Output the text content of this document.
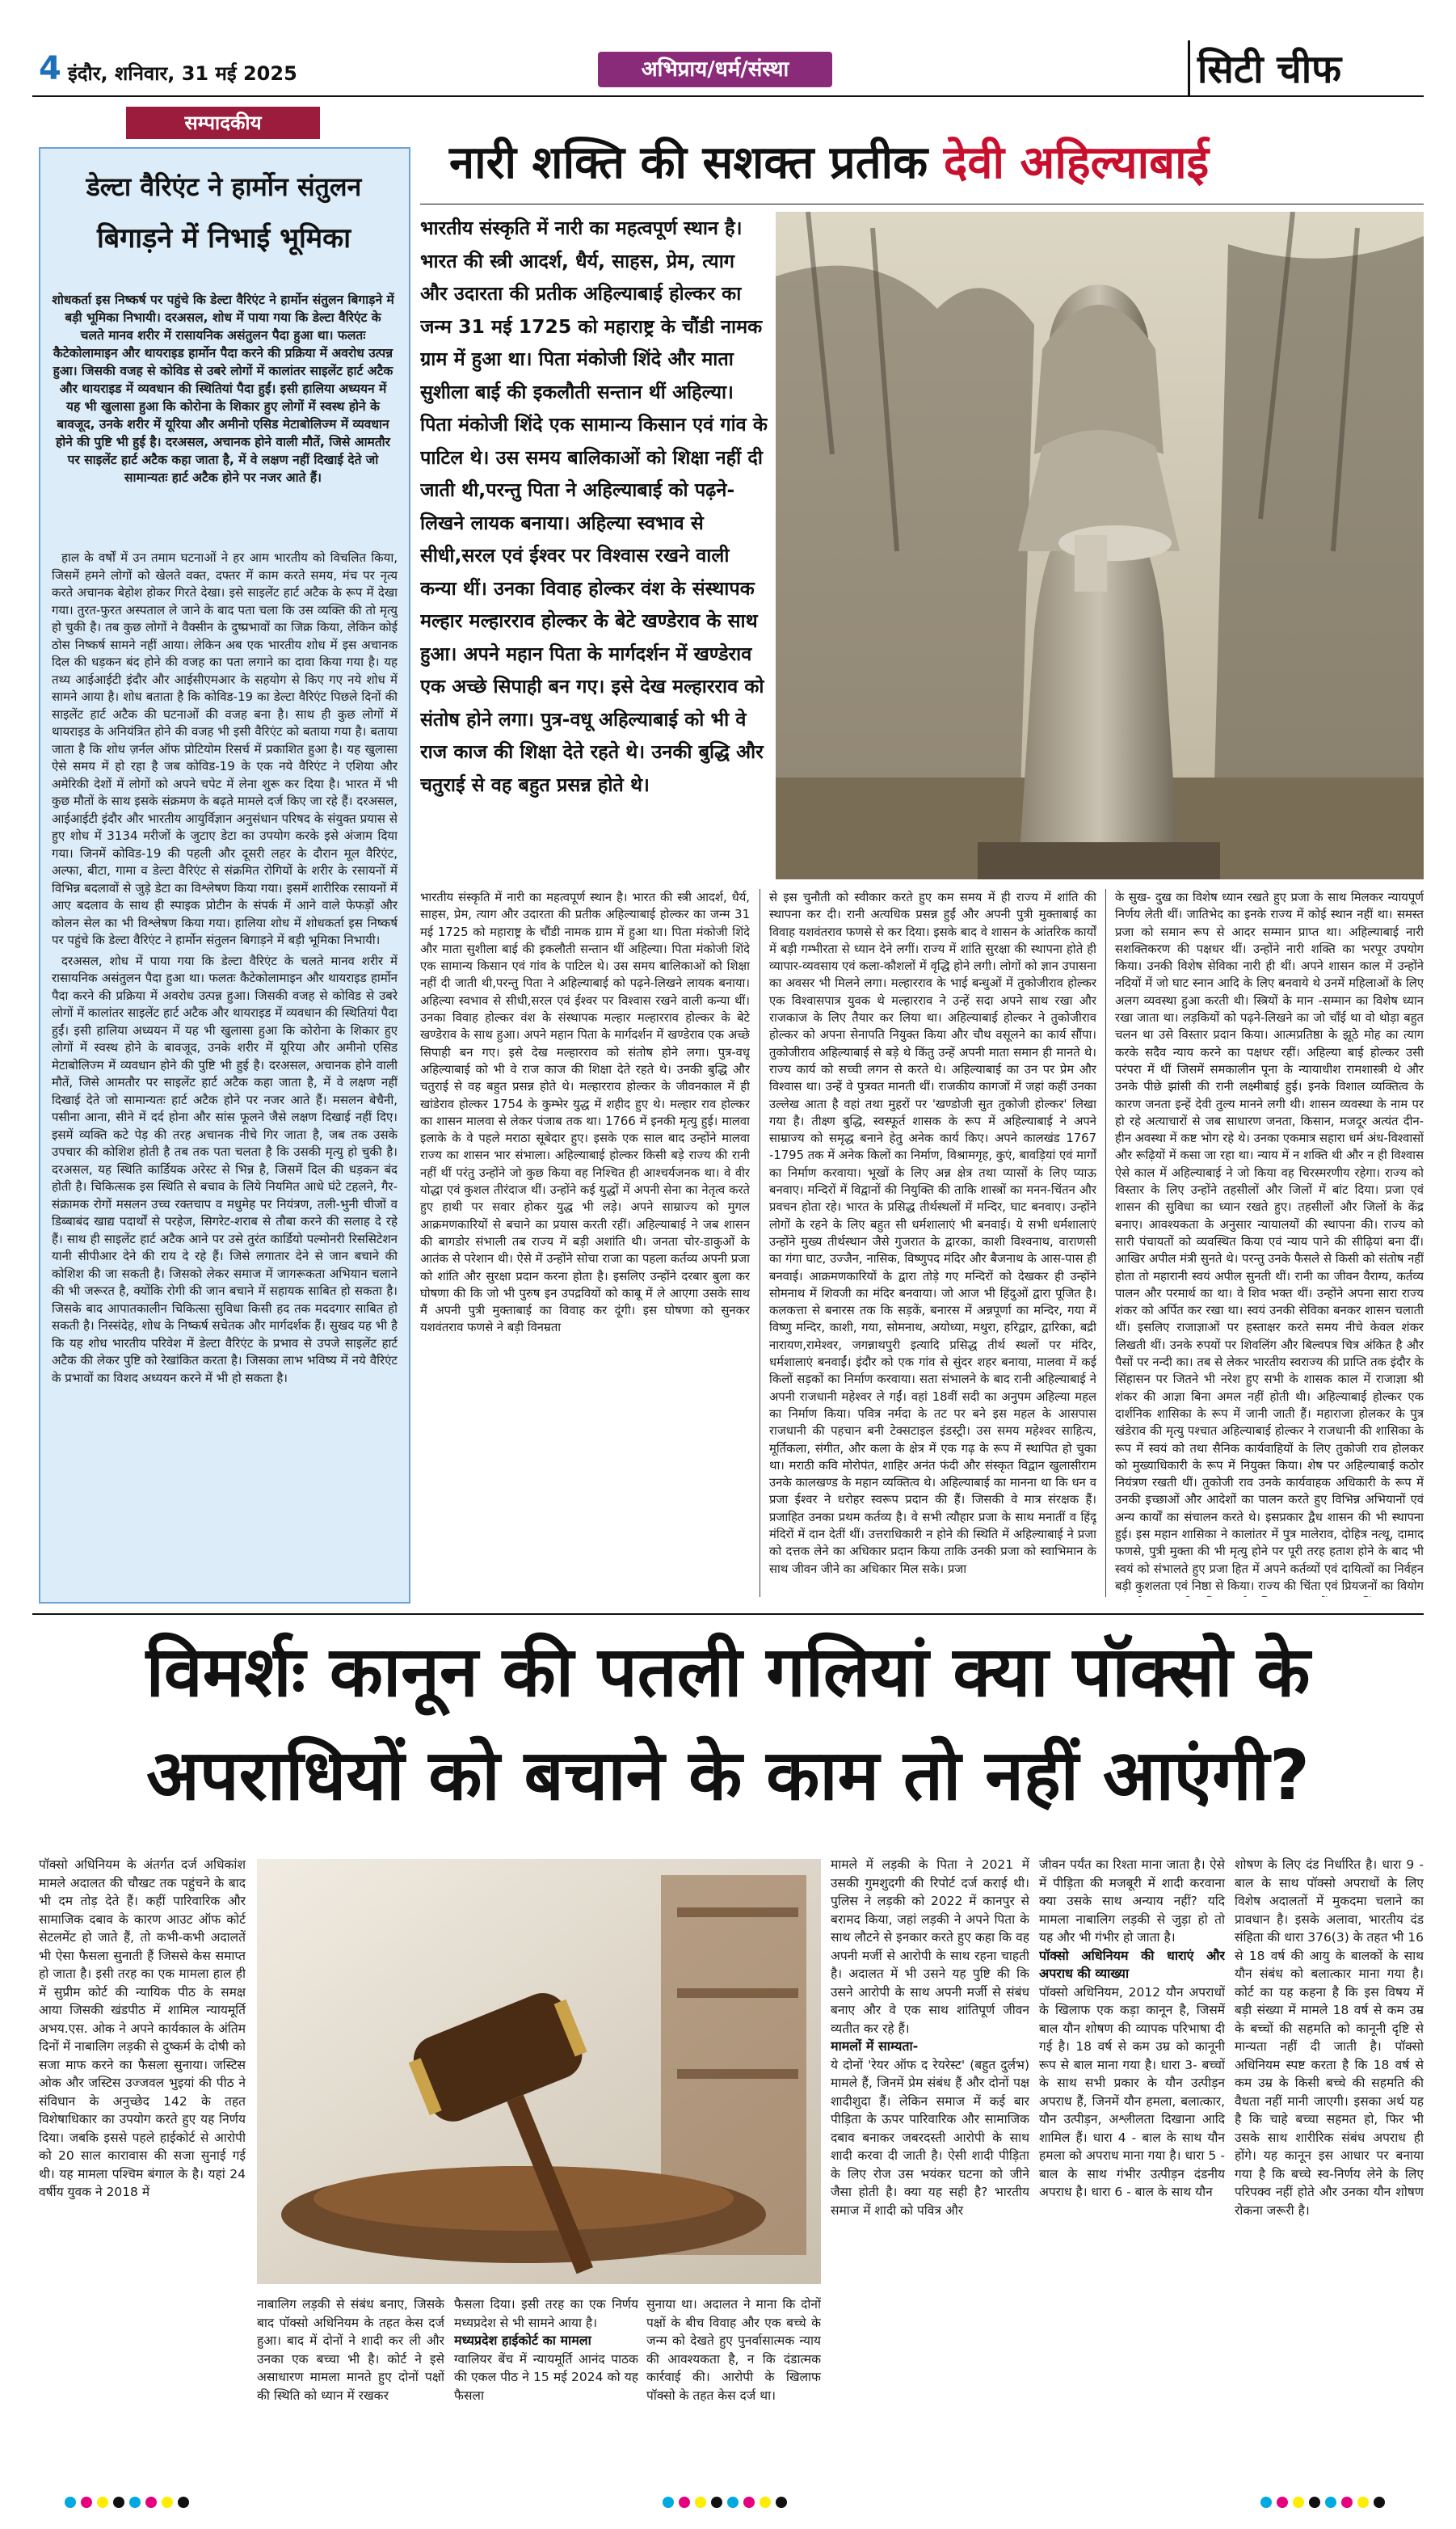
4 इंदौर, शनिवार, 31 मई 2025	अभिप्राय/धर्म/संस्था	सिटी चीफ
सम्पादकीय
डेल्टा वैरिएंट ने हार्मोन संतुलन
बिगाड़ने में निभाई भूमिका
शोधकर्ता इस निष्कर्ष पर पहुंचे कि डेल्टा वैरिएंट ने हार्मोन संतुलन बिगाड़ने में बड़ी भूमिका निभायी। दरअसल, शोध में पाया गया कि डेल्टा वैरिएंट के चलते मानव शरीर में रासायनिक असंतुलन पैदा हुआ था। फलतः कैटेकोलामाइन और थायराइड हार्मोन पैदा करने की प्रक्रिया में अवरोध उत्पन्न हुआ। जिसकी वजह से कोविड से उबरे लोगों में कालांतर साइलेंट हार्ट अटैक और थायराइड में व्यवधान की स्थितियां पैदा हुईं। इसी हालिया अध्ययन में यह भी खुलासा हुआ कि कोरोना के शिकार हुए लोगों में स्वस्थ होने के बावजूद, उनके शरीर में यूरिया और अमीनो एसिड मेटाबोलिज्म में व्यवधान होने की पुष्टि भी हुई है। दरअसल, अचानक होने वाली मौतें, जिसे आमतौर पर साइलेंट हार्ट अटैक कहा जाता है, में वे लक्षण नहीं दिखाई देते जो सामान्यतः हार्ट अटैक होने पर नजर आते हैं।

हाल के वर्षों में उन तमाम घटनाओं ने हर आम भारतीय को विचलित किया, जिसमें हमने लोगों को खेलते वक्त, दफ्तर में काम करते समय, मंच पर नृत्य करते अचानक बेहोश होकर गिरते देखा। इसे साइलेंट हार्ट अटैक के रूप में देखा गया। तुरत-फुरत अस्पताल ले जाने के बाद पता चला कि उस व्यक्ति की तो मृत्यु हो चुकी है। तब कुछ लोगों ने वैक्सीन के दुष्प्रभावों का जिक्र किया, लेकिन कोई ठोस निष्कर्ष सामने नहीं आया। लेकिन अब एक भारतीय शोध में इस अचानक दिल की धड़कन बंद होने की वजह का पता लगाने का दावा किया गया है। यह तथ्य आईआईटी इंदौर और आईसीएमआर के सहयोग से किए गए नये शोध में सामने आया है। शोध बताता है कि कोविड-19 का डेल्टा वैरिएंट पिछले दिनों की साइलेंट हार्ट अटैक की घटनाओं की वजह बना है। साथ ही कुछ लोगों में थायराइड के अनियंत्रित होने की वजह भी इसी वैरिएंट को बताया गया है। बताया जाता है कि शोध ज़र्नल ऑफ प्रोटियोम रिसर्च में प्रकाशित हुआ है। यह खुलासा ऐसे समय में हो रहा है जब कोविड-19 के एक नये वैरिएंट ने एशिया और अमेरिकी देशों में लोगों को अपने चपेट में लेना शुरू कर दिया है। भारत में भी कुछ मौतों के साथ इसके संक्रमण के बढ़ते मामले दर्ज किए जा रहे हैं। दरअसल, आईआईटी इंदौर और भारतीय आयुर्विज्ञान अनुसंधान परिषद के संयुक्त प्रयास से हुए शोध में 3134 मरीजों के जुटाए डेटा का उपयोग करके इसे अंजाम दिया गया। जिनमें कोविड-19 की पहली और दूसरी लहर के दौरान मूल वैरिएंट, अल्फा, बीटा, गामा व डेल्टा वैरिएंट से संक्रमित रोगियों के शरीर के रसायनों में विभिन्न बदलावों से जुड़े डेटा का विश्लेषण किया गया। इसमें शारीरिक रसायनों में आए बदलाव के साथ ही स्पाइक प्रोटीन के संपर्क में आने वाले फेफड़ों और कोलन सेल का भी विश्लेषण किया गया। हालिया शोध में शोधकर्ता इस निष्कर्ष पर पहुंचे कि डेल्टा वैरिएंट ने हार्मोन संतुलन बिगाड़ने में बड़ी भूमिका निभायी।

दरअसल, शोध में पाया गया कि डेल्टा वैरिएंट के चलते मानव शरीर में रासायनिक असंतुलन पैदा हुआ था। फलतः कैटेकोलामाइन और थायराइड हार्मोन पैदा करने की प्रक्रिया में अवरोध उत्पन्न हुआ। जिसकी वजह से कोविड से उबरे लोगों में कालांतर साइलेंट हार्ट अटैक और थायराइड में व्यवधान की स्थितियां पैदा हुईं। इसी हालिया अध्ययन में यह भी खुलासा हुआ कि कोरोना के शिकार हुए लोगों में स्वस्थ होने के बावजूद, उनके शरीर में यूरिया और अमीनो एसिड मेटाबोलिज्म में व्यवधान होने की पुष्टि भी हुई है। दरअसल, अचानक होने वाली मौतें, जिसे आमतौर पर साइलेंट हार्ट अटैक कहा जाता है, में वे लक्षण नहीं दिखाई देते जो सामान्यतः हार्ट अटैक होने पर नजर आते हैं। मसलन बेचैनी, पसीना आना, सीने में दर्द होना और सांस फूलने जैसे लक्षण दिखाई नहीं दिए। इसमें व्यक्ति कटे पेड़ की तरह अचानक नीचे गिर जाता है, जब तक उसके उपचार की कोशिश होती है तब तक पता चलता है कि उसकी मृत्यु हो चुकी है। दरअसल, यह स्थिति कार्डियक अरेस्ट से भिन्न है, जिसमें दिल की धड़कन बंद होती है। चिकित्सक इस स्थिति से बचाव के लिये नियमित आधे घंटे टहलने, गैर-संक्रामक रोगों मसलन उच्च रक्तचाप व मधुमेह पर नियंत्रण, तली-भुनी चीजों व डिब्बाबंद खाद्य पदार्थों से परहेज, सिगरेट-शराब से तौबा करने की सलाह दे रहे हैं। साथ ही साइलेंट हार्ट अटैक आने पर उसे तुरंत कार्डियो पल्मोनरी रिससिटेशन यानी सीपीआर देने की राय दे रहे हैं। जिसे लगातार देने से जान बचाने की कोशिश की जा सकती है। जिसको लेकर समाज में जागरूकता अभियान चलाने की भी जरूरत है, क्योंकि रोगी की जान बचाने में सहायक साबित हो सकता है। जिसके बाद आपातकालीन चिकित्सा सुविधा किसी हद तक मददगार साबित हो सकती है। निस्संदेह, शोध के निष्कर्ष सचेतक और मार्गदर्शक हैं। सुखद यह भी है कि यह शोध भारतीय परिवेश में डेल्टा वैरिएंट के प्रभाव से उपजे साइलेंट हार्ट अटैक की लेकर पुष्टि को रेखांकित करता है। जिसका लाभ भविष्य में नये वैरिएंट के प्रभावों का विशद अध्ययन करने में भी हो सकता है।

नारी शक्ति की सशक्त प्रतीक देवी अहिल्याबाई
भारतीय संस्कृति में नारी का महत्वपूर्ण स्थान है। भारत की स्त्री आदर्श, धैर्य, साहस, प्रेम, त्याग और उदारता की प्रतीक अहिल्याबाई होल्कर का जन्म 31 मई 1725 को महाराष्ट्र के चौंडी नामक ग्राम में हुआ था। पिता मंकोजी शिंदे और माता सुशीला बाई की इकलौती सन्तान थीं अहिल्या। पिता मंकोजी शिंदे एक सामान्य किसान एवं गांव के पाटिल थे। उस समय बालिकाओं को शिक्षा नहीं दी जाती थी,परन्तु पिता ने अहिल्याबाई को पढ़ने-लिखने लायक बनाया। अहिल्या स्वभाव से सीधी,सरल एवं ईश्वर पर विश्वास रखने वाली कन्या थीं। उनका विवाह होल्कर वंश के संस्थापक मल्हार मल्हारराव होल्कर के बेटे खण्डेराव के साथ हुआ। अपने महान पिता के मार्गदर्शन में खण्डेराव एक अच्छे सिपाही बन गए। इसे देख मल्हारराव को संतोष होने लगा। पुत्र-वधू अहिल्याबाई को भी वे राज काज की शिक्षा देते रहते थे। उनकी बुद्धि और चतुराई से वह बहुत प्रसन्न होते थे।
भारतीय संस्कृति में नारी का महत्वपूर्ण स्थान है। भारत की स्त्री आदर्श, धैर्य, साहस, प्रेम, त्याग और उदारता की प्रतीक अहिल्याबाई होल्कर का जन्म 31 मई 1725 को महाराष्ट्र के चौंडी नामक ग्राम में हुआ था। पिता मंकोजी शिंदे और माता सुशीला बाई की इकलौती सन्तान थीं अहिल्या। पिता मंकोजी शिंदे एक सामान्य किसान एवं गांव के पाटिल थे। उस समय बालिकाओं को शिक्षा नहीं दी जाती थी,परन्तु पिता ने अहिल्याबाई को पढ़ने-लिखने लायक बनाया। अहिल्या स्वभाव से सीधी,सरल एवं ईश्वर पर विश्वास रखने वाली कन्या थीं। उनका विवाह होल्कर वंश के संस्थापक मल्हार मल्हारराव होल्कर के बेटे खण्डेराव के साथ हुआ। अपने महान पिता के मार्गदर्शन में खण्डेराव एक अच्छे सिपाही बन गए। इसे देख मल्हारराव को संतोष होने लगा। पुत्र-वधू अहिल्याबाई को भी वे राज काज की शिक्षा देते रहते थे। उनकी बुद्धि और चतुराई से वह बहुत प्रसन्न होते थे। मल्हारराव होल्कर के जीवनकाल में ही खांडेराव होल्कर 1754 के कुम्भेर युद्ध में शहीद हुए थे। मल्हार राव होल्कर का शासन मालवा से लेकर पंजाब तक था। 1766 में इनकी मृत्यु हुई। मालवा इलाके के वे पहले मराठा सूबेदार हुए। इसके एक साल बाद उन्होंने मालवा राज्य का शासन भार संभाला। अहिल्याबाई होल्कर किसी बड़े राज्य की रानी नहीं थीं परंतु उन्होंने जो कुछ किया वह निश्चित ही आश्चर्यजनक था। वे वीर योद्धा एवं कुशल तीरंदाज थीं। उन्होंने कई युद्धों में अपनी सेना का नेतृत्व करते हुए हाथी पर सवार होकर युद्ध भी लड़े। अपने साम्राज्य को मुगल आक्रमणकारियों से बचाने का प्रयास करती रहीं। अहिल्याबाई ने जब शासन की बागडोर संभाली तब राज्य में बड़ी अशांति थी। जनता चोर-डाकुओं के आतंक से परेशान थी। ऐसे में उन्होंने सोचा राजा का पहला कर्तव्य अपनी प्रजा को शांति और सुरक्षा प्रदान करना होता है। इसलिए उन्होंने दरबार बुला कर घोषणा की कि जो भी पुरुष इन उपद्रवियों को काबू में ले आएगा उसके साथ मैं अपनी पुत्री मुक्ताबाई का विवाह कर दूंगी। इस घोषणा को सुनकर यशवंतराव फणसे ने बड़ी विनम्रता
से इस चुनौती को स्वीकार करते हुए कम समय में ही राज्य में शांति की स्थापना कर दी। रानी अत्यधिक प्रसन्न हुईं और अपनी पुत्री मुक्ताबाई का विवाह यशवंतराव फणसे से कर दिया। इसके बाद वे शासन के आंतरिक कार्यों में बड़ी गम्भीरता से ध्यान देने लगीं। राज्य में शांति सुरक्षा की स्थापना होते ही व्यापार-व्यवसाय एवं कला-कौशलों में वृद्धि होने लगी। लोगों को ज्ञान उपासना का अवसर भी मिलने लगा। मल्हारराव के भाई बन्धुओं में तुकोजीराव होल्कर एक विश्वासपात्र युवक थे मल्हारराव ने उन्हें सदा अपने साथ रखा और राजकाज के लिए तैयार कर लिया था। अहिल्याबाई होल्कर ने तुकोजीराव होल्कर को अपना सेनापति नियुक्त किया और चौथ वसूलने का कार्य सौंपा। तुकोजीराव अहिल्याबाई से बड़े थे किंतु उन्हें अपनी माता समान ही मानते थे। राज्य कार्य को सच्ची लगन से करते थे। अहिल्याबाई का उन पर प्रेम और विश्वास था। उन्हें वे पुत्रवत मानती थीं। राजकीय कागजों में जहां कहीं उनका उल्लेख आता है वहां तथा मुहरों पर 'खण्डोजी सुत तुकोजी होल्कर' लिखा गया है। तीक्ष्ण बुद्धि, स्वस्फूर्त शासक के रूप में अहिल्याबाई ने अपने साम्राज्य को समृद्ध बनाने हेतु अनेक कार्य किए। अपने कालखंड 1767 -1795 तक में अनेक किलों का निर्माण, विश्रामगृह, कुएं, बावड़ियां एवं मार्गों का निर्माण करवाया। भूखों के लिए अन्न क्षेत्र तथा प्यासों के लिए प्याऊ बनवाए। मन्दिरों में विद्वानों की नियुक्ति की ताकि शास्त्रों का मनन-चिंतन और प्रवचन होता रहे। भारत के प्रसिद्ध तीर्थस्थलों में मन्दिर, घाट बनवाए। उन्होंने लोगों के रहने के लिए बहुत सी धर्मशालाएं भी बनवाई। ये सभी धर्मशालाएं उन्होंने मुख्य तीर्थस्थान जैसे गुजरात के द्वारका, काशी विश्वनाथ, वाराणसी का गंगा घाट, उज्जैन, नासिक, विष्णुपद मंदिर और बैजनाथ के आस-पास ही बनवाई। आक्रमणकारियों के द्वारा तोड़े गए मन्दिरों को देखकर ही उन्होंने सोमनाथ में शिवजी का मंदिर बनवाया। जो आज भी हिंदुओं द्वारा पूजित है। कलकत्ता से बनारस तक कि सड़कें, बनारस में अन्नपूर्णा का मन्दिर, गया में विष्णु मन्दिर, काशी, गया, सोमनाथ, अयोध्या, मथुरा, हरिद्वार, द्वारिका, बद्री नारायण,रामेश्वर, जगन्नाथपुरी इत्यादि प्रसिद्ध तीर्थ स्थलों पर मंदिर, धर्मशालाएं बनवाईं। इंदौर को एक गांव से सुंदर शहर बनाया, मालवा में कई किलों सड़कों का निर्माण करवाया। सता संभालने के बाद रानी अहिल्याबाई ने अपनी राजधानी महेश्वर ले गईं। वहां 18वीं सदी का अनुपम अहिल्या महल का निर्माण किया। पवित्र नर्मदा के तट पर बने इस महल के आसपास राजधानी की पहचान बनी टेक्सटाइल इंडस्ट्री। उस समय महेश्वर साहित्य, मूर्तिकला, संगीत, और कला के क्षेत्र में एक गढ़ के रूप में स्थापित हो चुका था। मराठी कवि मोरोपंत, शाहिर अनंत फंदी और संस्कृत विद्वान खुलासीराम उनके कालखण्ड के महान व्यक्तित्व थे। अहिल्याबाई का मानना था कि धन व प्रजा ईश्वर ने धरोहर स्वरूप प्रदान की हैं। जिसकी वे मात्र संरक्षक हैं। प्रजाहित उनका प्रथम कर्तव्य है। वे सभी त्यौहार प्रजा के साथ मनातीं व हिंदू मंदिरों में दान देतीं थीं। उत्तराधिकारी न होने की स्थिति में अहिल्याबाई ने प्रजा को दत्तक लेने का अधिकार प्रदान किया ताकि उनकी प्रजा को स्वाभिमान के साथ जीवन जीने का अधिकार मिल सके। प्रजा
के सुख- दुख का विशेष ध्यान रखते हुए प्रजा के साथ मिलकर न्यायपूर्ण निर्णय लेती थीं। जातिभेद का इनके राज्य में कोई स्थान नहीं था। समस्त प्रजा को समान रूप से आदर सम्मान प्राप्त था। अहिल्याबाई नारी सशक्तिकरण की पक्षधर थीं। उन्होंने नारी शक्ति का भरपूर उपयोग किया। उनकी विशेष सेविका नारी ही थीं। अपने शासन काल में उन्होंने नदियों में जो घाट स्नान आदि के लिए बनवाये थे उनमें महिलाओं के लिए अलग व्यवस्था हुआ करती थी। स्त्रियों के मान -सम्मान का विशेष ध्यान रखा जाता था। लड़कियों को पढ़ने-लिखने का जो चाँई था वो थोड़ा बहुत चलन था उसे विस्तार प्रदान किया। आत्मप्रतिष्ठा के झूठे मोह का त्याग करके सदैव न्याय करने का पक्षधर रहीं। अहिल्या बाई होल्कर उसी परंपरा में थीं जिसमें समकालीन पूना के न्यायाधीश रामशास्त्री थे और उनके पीछे झांसी की रानी लक्ष्मीबाई हुई। इनके विशाल व्यक्तित्व के कारण जनता इन्हें देवी तुल्य मानने लगी थी। शासन व्यवस्था के नाम पर हो रहे अत्याचारों से जब साधारण जनता, किसान, मजदूर अत्यंत दीन-हीन अवस्था में कष्ट भोग रहे थे। उनका एकमात्र सहारा धर्म अंध-विश्वासों और रूढ़ियों में कसा जा रहा था। न्याय में न शक्ति थी और न ही विश्वास ऐसे काल में अहिल्याबाई ने जो किया वह चिरस्मरणीय रहेगा। राज्य को विस्तार के लिए उन्होंने तहसीलों और जिलों में बांट दिया। प्रजा एवं शासन की सुविधा का ध्यान रखते हुए। तहसीलों और जिलों के केंद्र बनाए। आवश्यकता के अनुसार न्यायालयों की स्थापना की। राज्य को सारी पंचायतों को व्यवस्थित किया एवं न्याय पाने की सीढ़ियां बना दीं। आखिर अपील मंत्री सुनते थे। परन्तु उनके फैसले से किसी को संतोष नहीं होता तो महारानी स्वयं अपील सुनती थीं। रानी का जीवन वैराग्य, कर्तव्य पालन और परमार्थ का था। वे शिव भक्त थीं। उन्होंने अपना सारा राज्य शंकर को अर्पित कर रखा था। स्वयं उनकी सेविका बनकर शासन चलाती थीं। इसलिए राजाज्ञाओं पर हस्ताक्षर करते समय नीचे केवल शंकर लिखती थीं। उनके रुपयों पर शिवलिंग और बिल्वपत्र चित्र अंकित है और पैसों पर नन्दी का। तब से लेकर भारतीय स्वराज्य की प्राप्ति तक इंदौर के सिंहासन पर जितने भी नरेश हुए सभी के शासक काल में राजाज्ञा श्री शंकर की आज्ञा बिना अमल नहीं होती थी। अहिल्याबाई होल्कर एक दार्शनिक शासिका के रूप में जानी जाती हैं। महाराजा होलकर के पुत्र खंडेराव की मृत्यु पश्चात अहिल्याबाई होल्कर ने राजधानी की शासिका के रूप में स्वयं को तथा सैनिक कार्यवाहियों के लिए तुकोजी राव होलकर को मुख्याधिकारी के रूप में नियुक्त किया। शेष पर अहिल्याबाई कठोर नियंत्रण रखती थीं। तुकोजी राव उनके कार्यवाहक अधिकारी के रूप में उनकी इच्छाओं और आदेशों का पालन करते हुए विभिन्न अभियानों एवं अन्य कार्यों का संचालन करते थे। इसप्रकार द्वैध शासन की भी स्थापना हुई। इस महान शासिका ने कालांतर में पुत्र मालेराव, दोहित्र नत्थू, दामाद फणसे, पुत्री मुक्ता की भी मृत्यु होने पर पूरी तरह हताश होने के बाद भी स्वयं को संभालते हुए प्रजा हित में अपने कर्तव्यों एवं दायित्वों का निर्वहन बड़ी कुशलता एवं निष्ठा से किया। राज्य की चिंता एवं प्रियजनों का वियोग
विमर्शः कानून की पतली गलियां क्या पॉक्सो के
अपराधियों को बचाने के काम तो नहीं आएंगी?
पॉक्सो अधिनियम के अंतर्गत दर्ज अधिकांश मामले अदालत की चौखट तक पहुंचने के बाद भी दम तोड़ देते हैं। कहीं पारिवारिक और सामाजिक दबाव के कारण आउट ऑफ कोर्ट सेटलमेंट हो जाते हैं, तो कभी-कभी अदालतें भी ऐसा फैसला सुनाती हैं जिससे केस समाप्त हो जाता है। इसी तरह का एक मामला हाल ही में सुप्रीम कोर्ट की न्यायिक पीठ के समक्ष आया जिसकी खंडपीठ में शामिल न्यायमूर्ति अभय.एस. ओक ने अपने कार्यकाल के अंतिम दिनों में नाबालिग लड़की से दुष्कर्म के दोषी को सजा माफ करने का फैसला सुनाया। जस्टिस ओक और जस्टिस उज्जवल भुइयां की पीठ ने संविधान के अनुच्छेद 142 के तहत विशेषाधिकार का उपयोग करते हुए यह निर्णय दिया। जबकि इससे पहले हाईकोर्ट से आरोपी को 20 साल कारावास की सजा सुनाई गई थी। यह मामला पश्चिम बंगाल के है। यहां 24 वर्षीय युवक ने 2018 में
नाबालिग लड़की से संबंध बनाए, जिसके बाद पॉक्सो अधिनियम के तहत केस दर्ज हुआ। बाद में दोनों ने शादी कर ली और उनका एक बच्चा भी है। कोर्ट ने इसे असाधारण मामला मानते हुए दोनों पक्षों की स्थिति को ध्यान में रखकर
फैसला दिया। इसी तरह का एक निर्णय मध्यप्रदेश से भी सामने आया है।
मध्यप्रदेश हाईकोर्ट का मामला
ग्वालियर बेंच में न्यायमूर्ति आनंद पाठक की एकल पीठ ने 15 मई 2024 को यह फैसला
सुनाया था। अदालत ने माना कि दोनों पक्षों के बीच विवाह और एक बच्चे के जन्म को देखते हुए पुनर्वासात्मक न्याय की आवश्यकता है, न कि दंडात्मक कार्रवाई की। आरोपी के खिलाफ पॉक्सो के तहत केस दर्ज था।
मामले में लड़की के पिता ने 2021 में उसकी गुमशुदगी की रिपोर्ट दर्ज कराई थी। पुलिस ने लड़की को 2022 में कानपुर से बरामद किया, जहां लड़की ने अपने पिता के साथ लौटने से इनकार करते हुए कहा कि वह अपनी मर्जी से आरोपी के साथ रहना चाहती है। अदालत में भी उसने यह पुष्टि की कि उसने आरोपी के साथ अपनी मर्जी से संबंध बनाए और वे एक साथ शांतिपूर्ण जीवन व्यतीत कर रहे हैं।
मामलों में साम्यता-
ये दोनों 'रेयर ऑफ द रेयरेस्ट' (बहुत दुर्लभ) मामले हैं, जिनमें प्रेम संबंध हैं और दोनों पक्ष शादीशुदा हैं। लेकिन समाज में कई बार पीड़िता के ऊपर पारिवारिक और सामाजिक दबाव बनाकर जबरदस्ती आरोपी के साथ शादी करवा दी जाती है। ऐसी शादी पीड़िता के लिए रोज उस भयंकर घटना को जीने जैसा होती है। क्या यह सही है? भारतीय समाज में शादी को पवित्र और
जीवन पर्यंत का रिश्ता माना जाता है। ऐसे में पीड़िता की मजबूरी में शादी करवाना क्या उसके साथ अन्याय नहीं? यदि मामला नाबालिग लड़की से जुड़ा हो तो यह और भी गंभीर हो जाता है।
पॉक्सो अधिनियम की धाराएं और अपराध की व्याख्या
पॉक्सो अधिनियम, 2012 यौन अपराधों के खिलाफ एक कड़ा कानून है, जिसमें बाल यौन शोषण की व्यापक परिभाषा दी गई है। 18 वर्ष से कम उम्र को कानूनी रूप से बाल माना गया है। धारा 3- बच्चों के साथ सभी प्रकार के यौन उत्पीड़न अपराध हैं, जिनमें यौन हमला, बलात्कार, यौन उत्पीड़न, अश्लीलता दिखाना आदि शामिल हैं। धारा 4 - बाल के साथ यौन हमला को अपराध माना गया है। धारा 5 - बाल के साथ गंभीर उत्पीड़न दंडनीय अपराध है। धारा 6 - बाल के साथ यौन
शोषण के लिए दंड निर्धारित है। धारा 9 - बाल के साथ पॉक्सो अपराधों के लिए विशेष अदालतों में मुकदमा चलाने का प्रावधान है। इसके अलावा, भारतीय दंड संहिता की धारा 376(3) के तहत भी 16 से 18 वर्ष की आयु के बालकों के साथ यौन संबंध को बलात्कार माना गया है। कोर्ट का यह कहना है कि इस विषय में बड़ी संख्या में मामले 18 वर्ष से कम उम्र के बच्चों की सहमति को कानूनी दृष्टि से मान्यता नहीं दी जाती है। पॉक्सो अधिनियम स्पष्ट करता है कि 18 वर्ष से कम उम्र के किसी बच्चे की सहमति की वैधता नहीं मानी जाएगी। इसका अर्थ यह है कि चाहे बच्चा सहमत हो, फिर भी उसके साथ शारीरिक संबंध अपराध ही होंगे। यह कानून इस आधार पर बनाया गया है कि बच्चे स्व-निर्णय लेने के लिए परिपक्व नहीं होते और उनका यौन शोषण रोकना जरूरी है।
